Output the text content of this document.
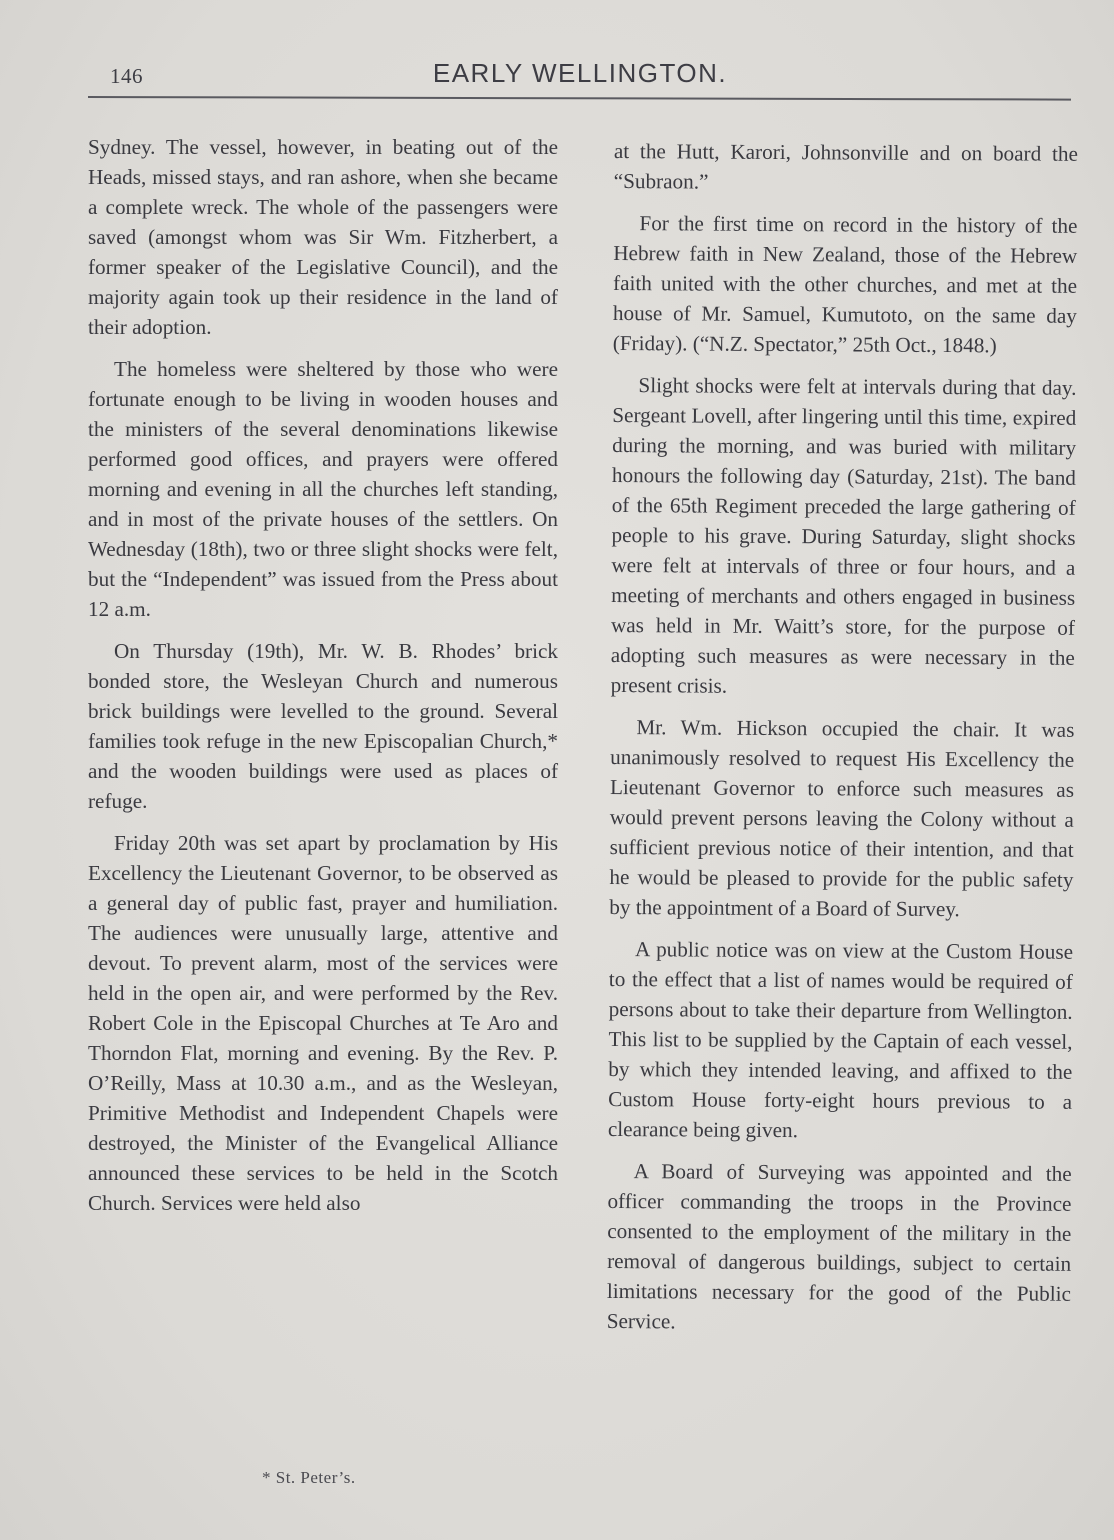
146	EARLY WELLINGTON.

Sydney. The vessel, however, in beating out of the Heads, missed stays, and ran ashore, when she became a complete wreck. The whole of the passengers were saved (amongst whom was Sir Wm. Fitzherbert, a former speaker of the Legislative Council), and the majority again took up their residence in the land of their adoption.

The homeless were sheltered by those who were fortunate enough to be living in wooden houses and the ministers of the several denominations likewise performed good offices, and prayers were offered morning and evening in all the churches left standing, and in most of the private houses of the settlers. On Wednesday (18th), two or three slight shocks were felt, but the “Independent” was issued from the Press about 12 a.m.

On Thursday (19th), Mr. W. B. Rhodes’ brick bonded store, the Wesleyan Church and numerous brick buildings were levelled to the ground. Several families took refuge in the new Episcopalian Church,* and the wooden buildings were used as places of refuge.

Friday 20th was set apart by proclamation by His Excellency the Lieutenant Governor, to be observed as a general day of public fast, prayer and humiliation. The audiences were unusually large, attentive and devout. To prevent alarm, most of the services were held in the open air, and were performed by the Rev. Robert Cole in the Episcopal Churches at Te Aro and Thorndon Flat, morning and evening. By the Rev. P. O’Reilly, Mass at 10.30 a.m., and as the Wesleyan, Primitive Methodist and Independent Chapels were destroyed, the Minister of the Evangelical Alliance announced these services to be held in the Scotch Church. Services were held also

at the Hutt, Karori, Johnsonville and on board the “Subraon.”

For the first time on record in the history of the Hebrew faith in New Zealand, those of the Hebrew faith united with the other churches, and met at the house of Mr. Samuel, Kumutoto, on the same day (Friday). (“N.Z. Spectator,” 25th Oct., 1848.)

Slight shocks were felt at intervals during that day. Sergeant Lovell, after lingering until this time, expired during the morning, and was buried with military honours the following day (Saturday, 21st). The band of the 65th Regiment preceded the large gathering of people to his grave. During Saturday, slight shocks were felt at intervals of three or four hours, and a meeting of merchants and others engaged in business was held in Mr. Waitt’s store, for the purpose of adopting such measures as were necessary in the present crisis.

Mr. Wm. Hickson occupied the chair. It was unanimously resolved to request His Excellency the Lieutenant Governor to enforce such measures as would prevent persons leaving the Colony without a sufficient previous notice of their intention, and that he would be pleased to provide for the public safety by the appointment of a Board of Survey.

A public notice was on view at the Custom House to the effect that a list of names would be required of persons about to take their departure from Wellington. This list to be supplied by the Captain of each vessel, by which they intended leaving, and affixed to the Custom House forty-eight hours previous to a clearance being given.

A Board of Surveying was appointed and the officer commanding the troops in the Province consented to the employment of the military in the removal of dangerous buildings, subject to certain limitations necessary for the good of the Public Service.

* St. Peter’s.
